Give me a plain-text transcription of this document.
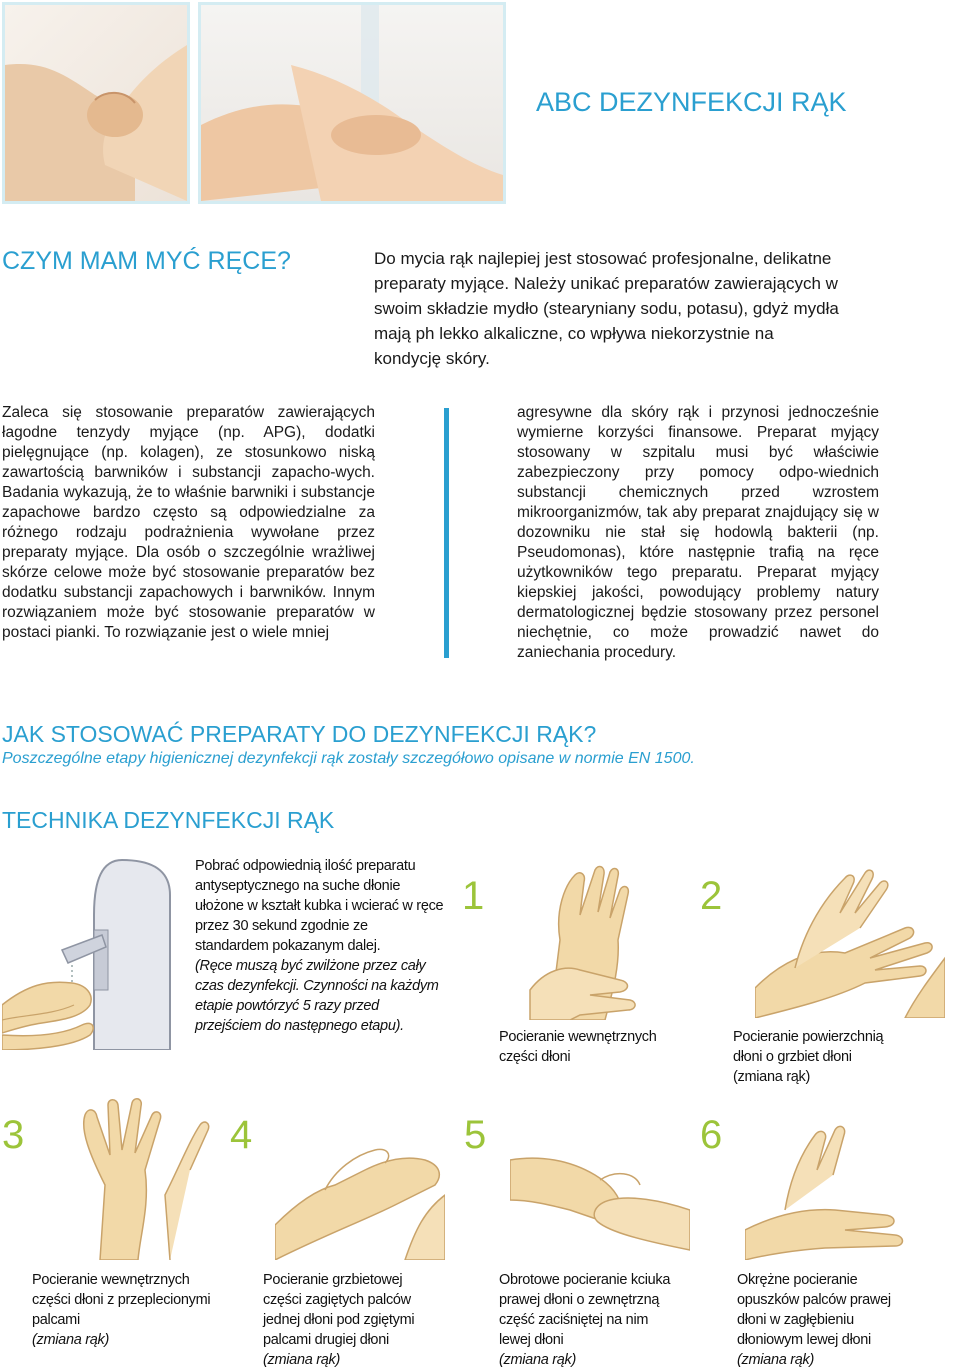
ABC DEZYNFEKCJI RĄK
CZYM MAM MYĆ RĘCE?	Do mycia rąk najlepiej jest stosować profesjonalne, delikatne preparaty myjące. Należy unikać preparatów zawierających w swoim składzie mydło (stearyniany sodu, potasu), gdyż mydła mają ph lekko alkaliczne, co wpływa niekorzystnie na kondycję skóry.
Zaleca się stosowanie preparatów zawierających łagodne tenzydy myjące (np. APG), dodatki pielęgnujące (np. kolagen), ze stosunkowo niską zawartością barwników i substancji zapacho-wych. Badania wykazują, że to właśnie barwniki i substancje zapachowe bardzo często są odpowiedzialne za różnego rodzaju podrażnienia wywołane przez preparaty myjące. Dla osób o szczególnie wrażliwej skórze celowe może być stosowanie preparatów bez dodatku substancji zapachowych i barwników. Innym rozwiązaniem może być stosowanie preparatów w postaci pianki. To rozwiązanie jest o wiele mniej
agresywne dla skóry rąk i przynosi jednocześnie wymierne korzyści finansowe. Preparat myjący stosowany w szpitalu musi być właściwie zabezpieczony przy pomocy odpo-wiednich substancji chemicznych przed wzrostem mikroorganizmów, tak aby preparat znajdujący się w dozowniku nie stał się hodowlą bakterii (np. Pseudomonas), które następnie trafią na ręce użytkowników tego preparatu. Preparat myjący kiepskiej jakości, powodujący problemy natury dermatologicznej będzie stosowany przez personel niechętnie, co może prowadzić nawet do zaniechania procedury.
JAK STOSOWAĆ PREPARATY DO DEZYNFEKCJI RĄK?
Poszczególne etapy higienicznej dezynfekcji rąk zostały szczegółowo opisane w normie EN 1500.
TECHNIKA DEZYNFEKCJI RĄK
Pobrać odpowiednią ilość preparatu antyseptycznego na suche dłonie ułożone w kształt kubka i wcierać w ręce przez 30 sekund zgodnie ze standardem pokazanym dalej.
(Ręce muszą być zwilżone przez cały czas dezynfekcji. Czynności na każdym etapie powtórzyć 5 razy przed przejściem do następnego etapu).
1
Pocieranie wewnętrznych części dłoni
2
Pocieranie powierzchnią dłoni o grzbiet dłoni (zmiana rąk)
3
Pocieranie wewnętrznych części dłoni z przeplecionymi palcami
(zmiana rąk)
4
Pocieranie grzbietowej części zagiętych palców jednej dłoni pod zgiętymi palcami drugiej dłoni
(zmiana rąk)
5
Obrotowe pocieranie kciuka prawej dłoni o zewnętrzną część zaciśniętej na nim lewej dłoni
(zmiana rąk)
6
Okrężne pocieranie opuszków palców prawej dłoni w zagłębieniu dłoniowym lewej dłoni
(zmiana rąk)
